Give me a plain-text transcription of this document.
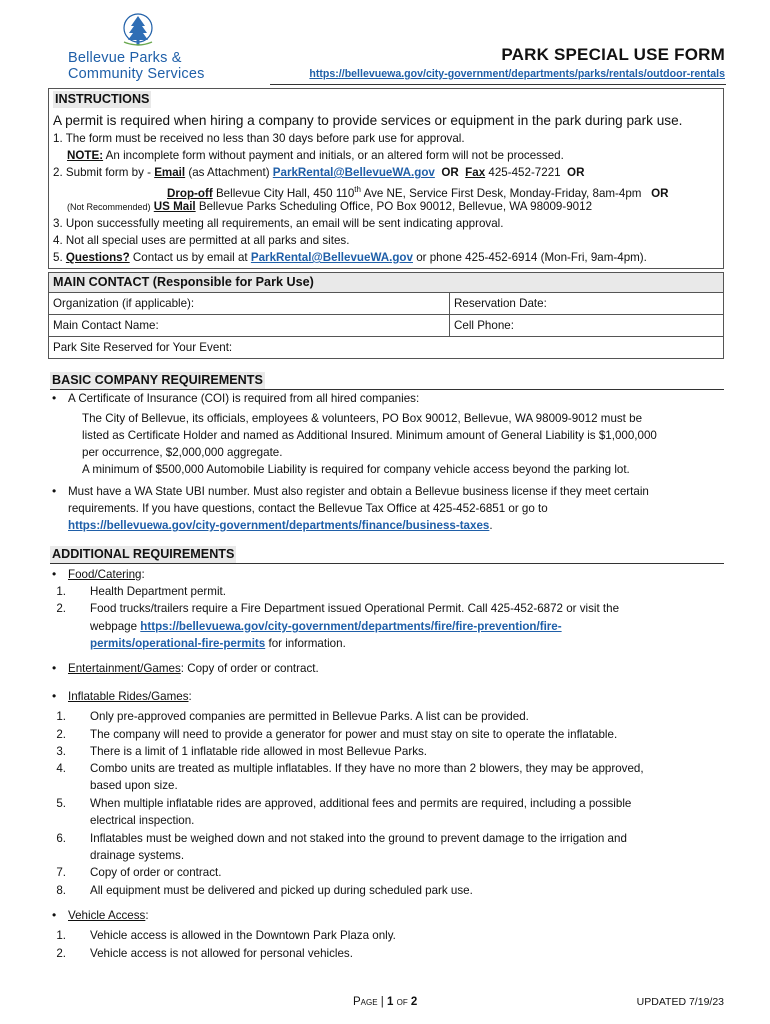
Bellevue Parks &
Community Services
PARK SPECIAL USE FORM
https://bellevuewa.gov/city-government/departments/parks/rentals/outdoor-rentals
INSTRUCTIONS
A permit is required when hiring a company to provide services or equipment in the park during park use.
1. The form must be received no less than 30 days before park use for approval.
NOTE: An incomplete form without payment and initials, or an altered form will not be processed.
2. Submit form by - Email (as Attachment) ParkRental@BellevueWA.gov OR Fax 425-452-7221 OR
Drop-off Bellevue City Hall, 450 110th Ave NE, Service First Desk, Monday-Friday, 8am-4pm OR
(Not Recommended) US Mail Bellevue Parks Scheduling Office, PO Box 90012, Bellevue, WA 98009-9012
3. Upon successfully meeting all requirements, an email will be sent indicating approval.
4. Not all special uses are permitted at all parks and sites.
5. Questions? Contact us by email at ParkRental@BellevueWA.gov or phone 425-452-6914 (Mon-Fri, 9am-4pm).
MAIN CONTACT (Responsible for Park Use)
Organization (if applicable):	Reservation Date:
Main Contact Name:	Cell Phone:
Park Site Reserved for Your Event:
BASIC COMPANY REQUIREMENTS
• A Certificate of Insurance (COI) is required from all hired companies:
The City of Bellevue, its officials, employees & volunteers, PO Box 90012, Bellevue, WA 98009-9012 must be
listed as Certificate Holder and named as Additional Insured. Minimum amount of General Liability is $1,000,000
per occurrence, $2,000,000 aggregate.
A minimum of $500,000 Automobile Liability is required for company vehicle access beyond the parking lot.
• Must have a WA State UBI number. Must also register and obtain a Bellevue business license if they meet certain
requirements. If you have questions, contact the Bellevue Tax Office at 425-452-6851 or go to
https://bellevuewa.gov/city-government/departments/finance/business-taxes.
ADDITIONAL REQUIREMENTS
• Food/Catering:
1. Health Department permit.
2. Food trucks/trailers require a Fire Department issued Operational Permit. Call 425-452-6872 or visit the
webpage https://bellevuewa.gov/city-government/departments/fire/fire-prevention/fire-
permits/operational-fire-permits for information.
• Entertainment/Games: Copy of order or contract.
• Inflatable Rides/Games:
1. Only pre-approved companies are permitted in Bellevue Parks. A list can be provided.
2. The company will need to provide a generator for power and must stay on site to operate the inflatable.
3. There is a limit of 1 inflatable ride allowed in most Bellevue Parks.
4. Combo units are treated as multiple inflatables. If they have no more than 2 blowers, they may be approved,
based upon size.
5. When multiple inflatable rides are approved, additional fees and permits are required, including a possible
electrical inspection.
6. Inflatables must be weighed down and not staked into the ground to prevent damage to the irrigation and
drainage systems.
7. Copy of order or contract.
8. All equipment must be delivered and picked up during scheduled park use.
• Vehicle Access:
1. Vehicle access is allowed in the Downtown Park Plaza only.
2. Vehicle access is not allowed for personal vehicles.
Page | 1 of 2	UPDATED 7/19/23
